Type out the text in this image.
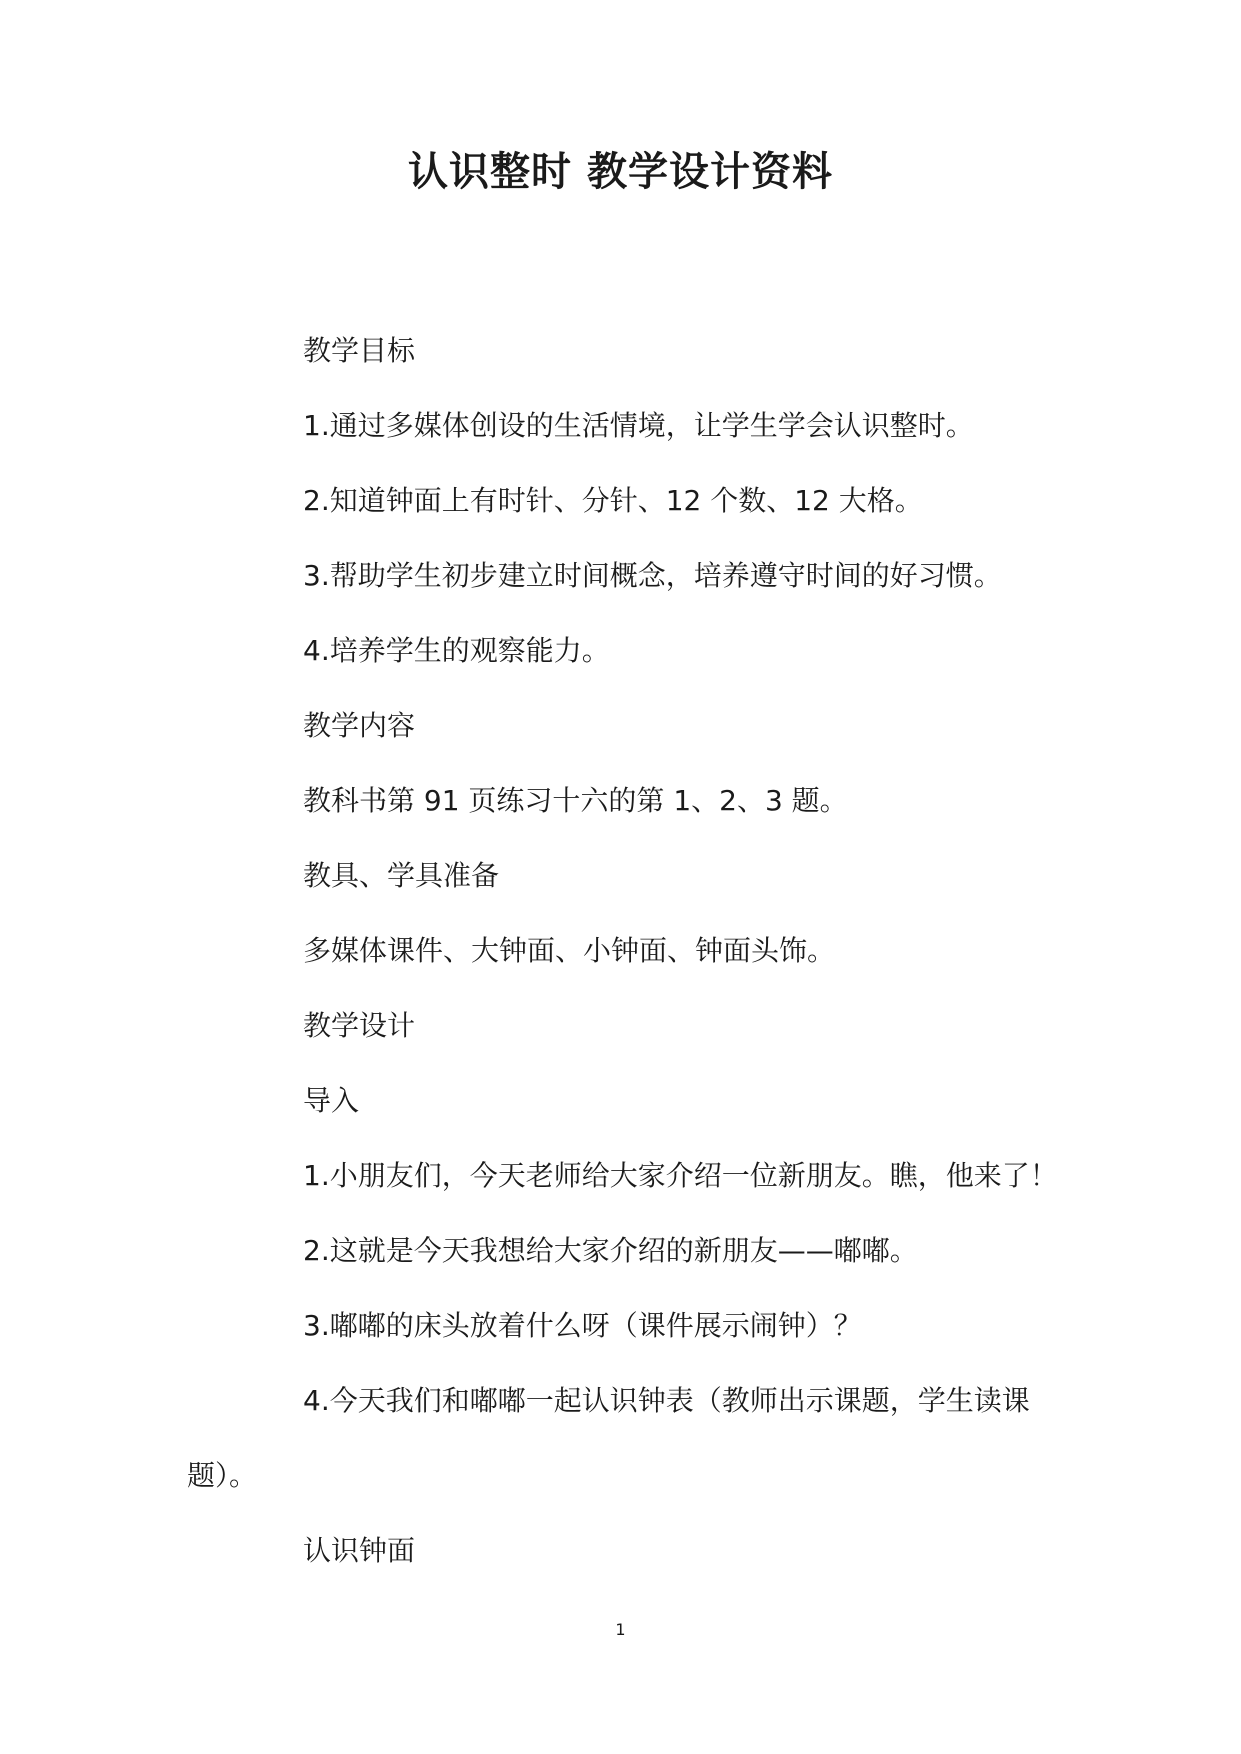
认识整时 教学设计资料

教学目标

1.通过多媒体创设的生活情境，让学生学会认识整时。

2.知道钟面上有时针、分针、12 个数、12 大格。

3.帮助学生初步建立时间概念，培养遵守时间的好习惯。

4.培养学生的观察能力。

教学内容

教科书第 91 页练习十六的第 1、2、3 题。

教具、学具准备

多媒体课件、大钟面、小钟面、钟面头饰。

教学设计

导入

1.小朋友们，今天老师给大家介绍一位新朋友。瞧，他来了！

2.这就是今天我想给大家介绍的新朋友——嘟嘟。

3.嘟嘟的床头放着什么呀（课件展示闹钟）？

4.今天我们和嘟嘟一起认识钟表（教师出示课题，学生读课
题）。

认识钟面

1
